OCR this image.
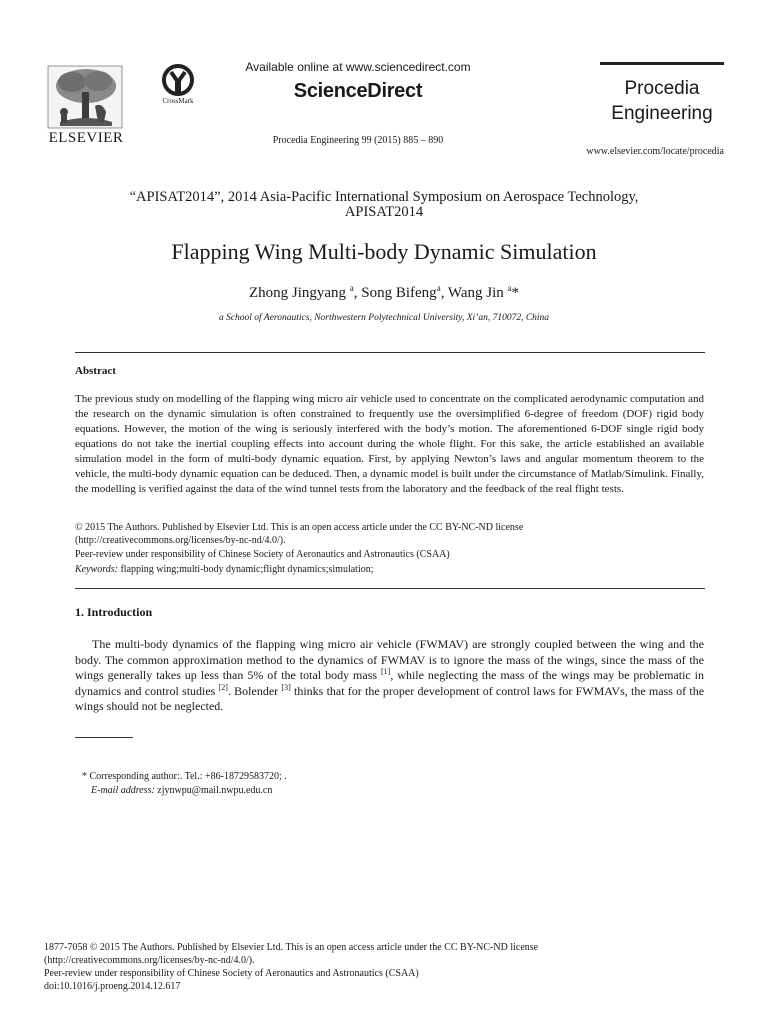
ELSEVIER
CrossMark
Available online at www.sciencedirect.com
ScienceDirect
Procedia Engineering 99 (2015) 885 – 890
Procedia
Engineering
www.elsevier.com/locate/procedia
“APISAT2014”, 2014 Asia-Pacific International Symposium on Aerospace Technology,
APISAT2014
Flapping Wing Multi-body Dynamic Simulation
Zhong Jingyang $^a$, Song Bifeng$^a$, Wang Jin $^a$*
a School of Aeronautics, Northwestern Polytechnical University, Xi’an, 710072, China
Abstract
The previous study on modelling of the flapping wing micro air vehicle used to concentrate on the complicated aerodynamic computation and the research on the dynamic simulation is often constrained to frequently use the oversimplified 6-degree of freedom (DOF) rigid body equations. However, the motion of the wing is seriously interfered with the body’s motion. The aforementioned 6-DOF single rigid body equations do not take the inertial coupling effects into account during the whole flight. For this sake, the article established an available simulation model in the form of multi-body dynamic equation. First, by applying Newton’s laws and angular momentum theorem to the vehicle, the multi-body dynamic equation can be deduced. Then, a dynamic model is built under the circumstance of Matlab/Simulink. Finally, the modelling is verified against the data of the wind tunnel tests from the laboratory and the feedback of the real flight tests.
© 2015 The Authors. Published by Elsevier Ltd. This is an open access article under the CC BY-NC-ND license
(http://creativecommons.org/licenses/by-nc-nd/4.0/).
Peer-review under responsibility of Chinese Society of Aeronautics and Astronautics (CSAA)
Keywords: flapping wing;multi-body dynamic;flight dynamics;simulation;
1. Introduction
The multi-body dynamics of the flapping wing micro air vehicle (FWMAV) are strongly coupled between the wing and the body. The common approximation method to the dynamics of FWMAV is to ignore the mass of the wings, since the mass of the wings generally takes up less than 5% of the total body mass [1], while neglecting the mass of the wings may be problematic in dynamics and control studies [2]. Bolender [3] thinks that for the proper development of control laws for FWMAVs, the mass of the wings should not be neglected.
* Corresponding author:. Tel.: +86-18729583720; .
E-mail address: zjynwpu@mail.nwpu.edu.cn
1877-7058 © 2015 The Authors. Published by Elsevier Ltd. This is an open access article under the CC BY-NC-ND license
(http://creativecommons.org/licenses/by-nc-nd/4.0/).
Peer-review under responsibility of Chinese Society of Aeronautics and Astronautics (CSAA)
doi:10.1016/j.proeng.2014.12.617
